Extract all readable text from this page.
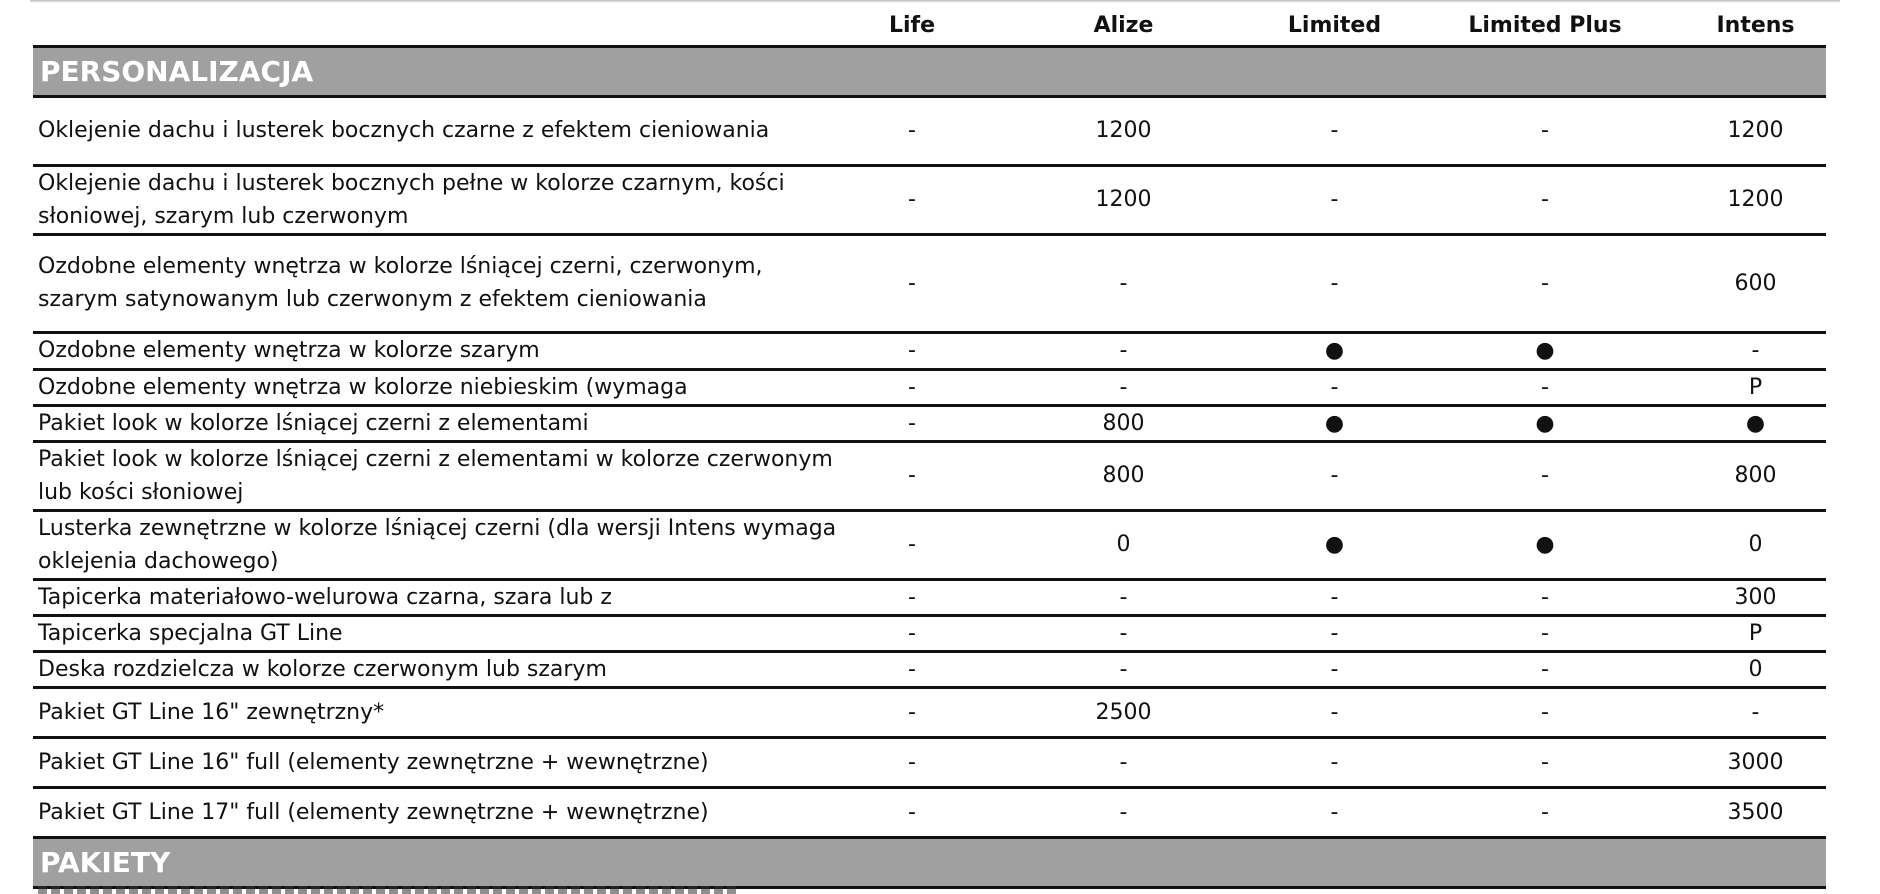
Life	Alize	Limited	Limited Plus	Intens
PERSONALIZACJA
Oklejenie dachu i lusterek bocznych czarne z efektem cieniowania	-	1200	-	-	1200
Oklejenie dachu i lusterek bocznych pełne w kolorze czarnym, kości słoniowej, szarym lub czerwonym	-	1200	-	-	1200
Ozdobne elementy wnętrza w kolorze lśniącej czerni, czerwonym, szarym satynowanym lub czerwonym z efektem cieniowania	-	-	-	-	600
Ozdobne elementy wnętrza w kolorze szarym	-	-	●	●	-
Ozdobne elementy wnętrza w kolorze niebieskim (wymaga	-	-	-	-	P
Pakiet look w kolorze lśniącej czerni z elementami	-	800	●	●	●
Pakiet look w kolorze lśniącej czerni z elementami w kolorze czerwonym lub kości słoniowej	-	800	-	-	800
Lusterka zewnętrzne w kolorze lśniącej czerni (dla wersji Intens wymaga oklejenia dachowego)	-	0	●	●	0
Tapicerka materiałowo-welurowa czarna, szara lub z	-	-	-	-	300
Tapicerka specjalna GT Line	-	-	-	-	P
Deska rozdzielcza w kolorze czerwonym lub szarym	-	-	-	-	0
Pakiet GT Line 16" zewnętrzny*	-	2500	-	-	-
Pakiet GT Line 16" full (elementy zewnętrzne + wewnętrzne)	-	-	-	-	3000
Pakiet GT Line 17" full (elementy zewnętrzne + wewnętrzne)	-	-	-	-	3500
PAKIETY
